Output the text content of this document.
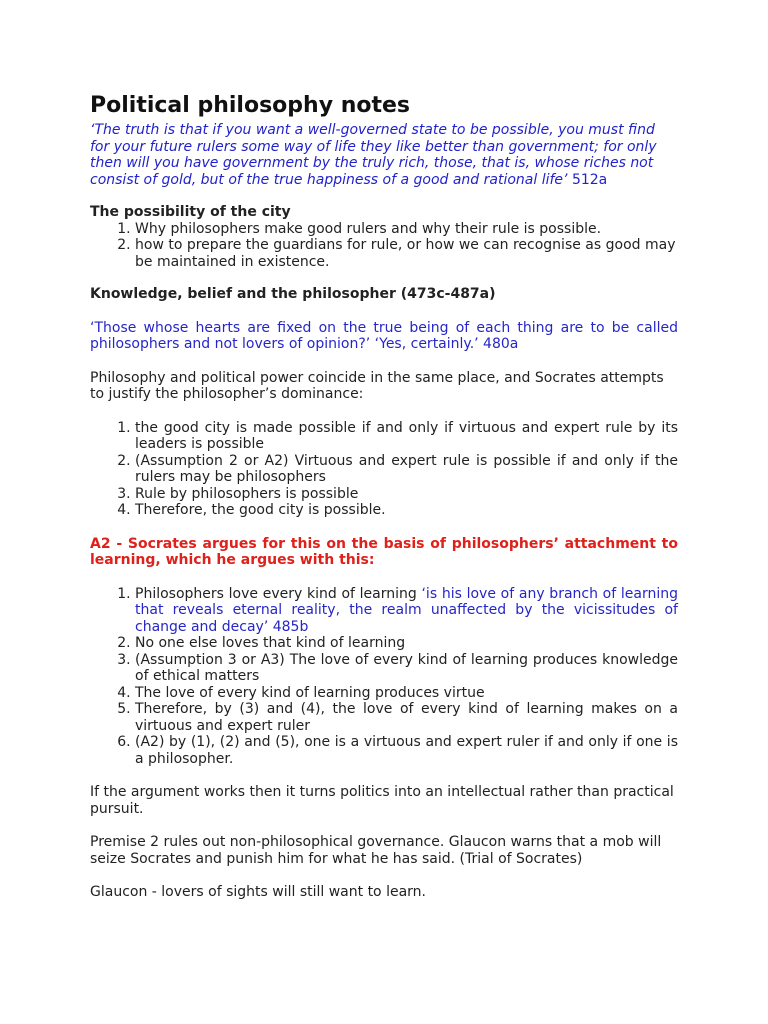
Political philosophy notes

‘The truth is that if you want a well-governed state to be possible, you must find for your future rulers some way of life they like better than government; for only then will you have government by the truly rich, those, that is, whose riches not consist of gold, but of the true happiness of a good and rational life’ 512a

The possibility of the city

1. Why philosophers make good rulers and why their rule is possible.
2. how to prepare the guardians for rule, or how we can recognise as good may be maintained in existence.

Knowledge, belief and the philosopher (473c-487a)

‘Those whose hearts are fixed on the true being of each thing are to be called philosophers and not lovers of opinion?’ ‘Yes, certainly.’ 480a

Philosophy and political power coincide in the same place, and Socrates attempts to justify the philosopher’s dominance:

1. the good city is made possible if and only if virtuous and expert rule by its leaders is possible
2. (Assumption 2 or A2) Virtuous and expert rule is possible if and only if the rulers may be philosophers
3. Rule by philosophers is possible
4. Therefore, the good city is possible.

A2 - Socrates argues for this on the basis of philosophers’ attachment to learning, which he argues with this:

1. Philosophers love every kind of learning ‘is his love of any branch of learning that reveals eternal reality, the realm unaffected by the vicissitudes of change and decay’ 485b
2. No one else loves that kind of learning
3. (Assumption 3 or A3) The love of every kind of learning produces knowledge of ethical matters
4. The love of every kind of learning produces virtue
5. Therefore, by (3) and (4), the love of every kind of learning makes on a virtuous and expert ruler
6. (A2) by (1), (2) and (5), one is a virtuous and expert ruler if and only if one is a philosopher.

If the argument works then it turns politics into an intellectual rather than practical pursuit.

Premise 2 rules out non-philosophical governance. Glaucon warns that a mob will seize Socrates and punish him for what he has said. (Trial of Socrates)

Glaucon - lovers of sights will still want to learn.
